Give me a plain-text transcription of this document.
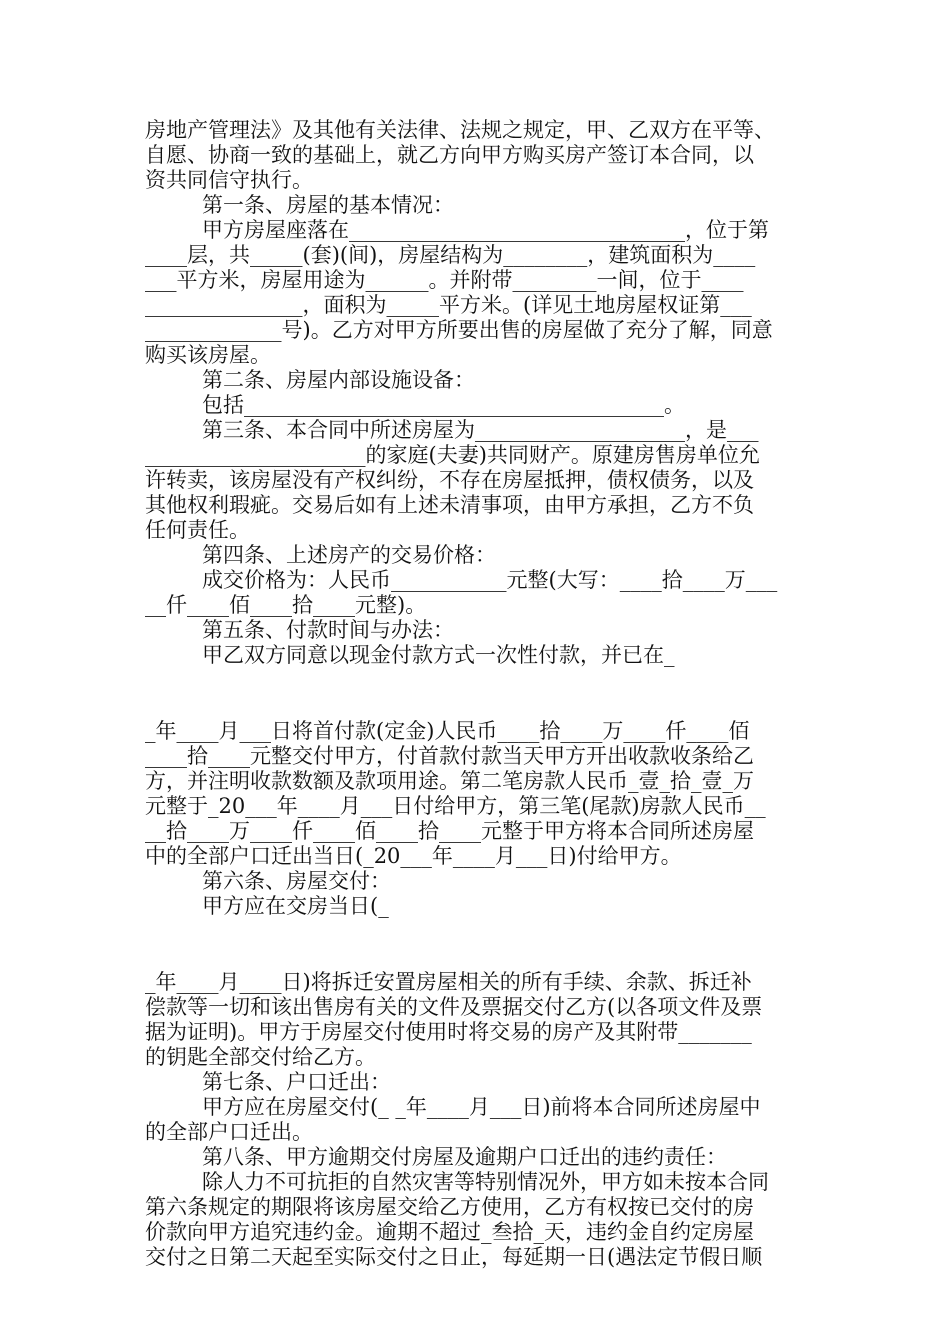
房地产管理法》及其他有关法律、法规之规定，甲、乙双方在平等、
自愿、协商一致的基础上，就乙方向甲方购买房产签订本合同，以
资共同信守执行。
第一条、房屋的基本情况：
甲方房屋座落在________________________________，位于第
____层，共_____(套)(间)，房屋结构为________，建筑面积为____
___平方米，房屋用途为______。并附带________一间，位于____
_______________，面积为_____平方米。(详见土地房屋权证第___
_____________号)。乙方对甲方所要出售的房屋做了充分了解，同意
购买该房屋。
第二条、房屋内部设施设备：
包括________________________________________。
第三条、本合同中所述房屋为____________________，是___
_____________________的家庭(夫妻)共同财产。原建房售房单位允
许转卖，该房屋没有产权纠纷，不存在房屋抵押，债权债务，以及
其他权利瑕疵。交易后如有上述未清事项，由甲方承担，乙方不负
任何责任。
第四条、上述房产的交易价格：
成交价格为：人民币___________元整(大写：____拾____万___
__仟____佰____拾____元整)。
第五条、付款时间与办法：
甲乙双方同意以现金付款方式一次性付款，并已在_
_年____月___日将首付款(定金)人民币____拾____万____仟____佰
____拾____元整交付甲方，付首款付款当天甲方开出收款收条给乙
方，并注明收款数额及款项用途。第二笔房款人民币_壹_拾_壹_万
元整于_20___年____月___日付给甲方，第三笔(尾款)房款人民币__
__拾____万____仟____佰____拾____元整于甲方将本合同所述房屋
中的全部户口迁出当日(_20___年____月___日)付给甲方。
第六条、房屋交付：
甲方应在交房当日(_
_年____月____日)将拆迁安置房屋相关的所有手续、余款、拆迁补
偿款等一切和该出售房有关的文件及票据交付乙方(以各项文件及票
据为证明)。甲方于房屋交付使用时将交易的房产及其附带_______
的钥匙全部交付给乙方。
第七条、户口迁出：
甲方应在房屋交付(_ _年____月___日)前将本合同所述房屋中
的全部户口迁出。
第八条、甲方逾期交付房屋及逾期户口迁出的违约责任：
除人力不可抗拒的自然灾害等特别情况外，甲方如未按本合同
第六条规定的期限将该房屋交给乙方使用，乙方有权按已交付的房
价款向甲方追究违约金。逾期不超过_叁拾_天，违约金自约定房屋
交付之日第二天起至实际交付之日止，每延期一日(遇法定节假日顺
